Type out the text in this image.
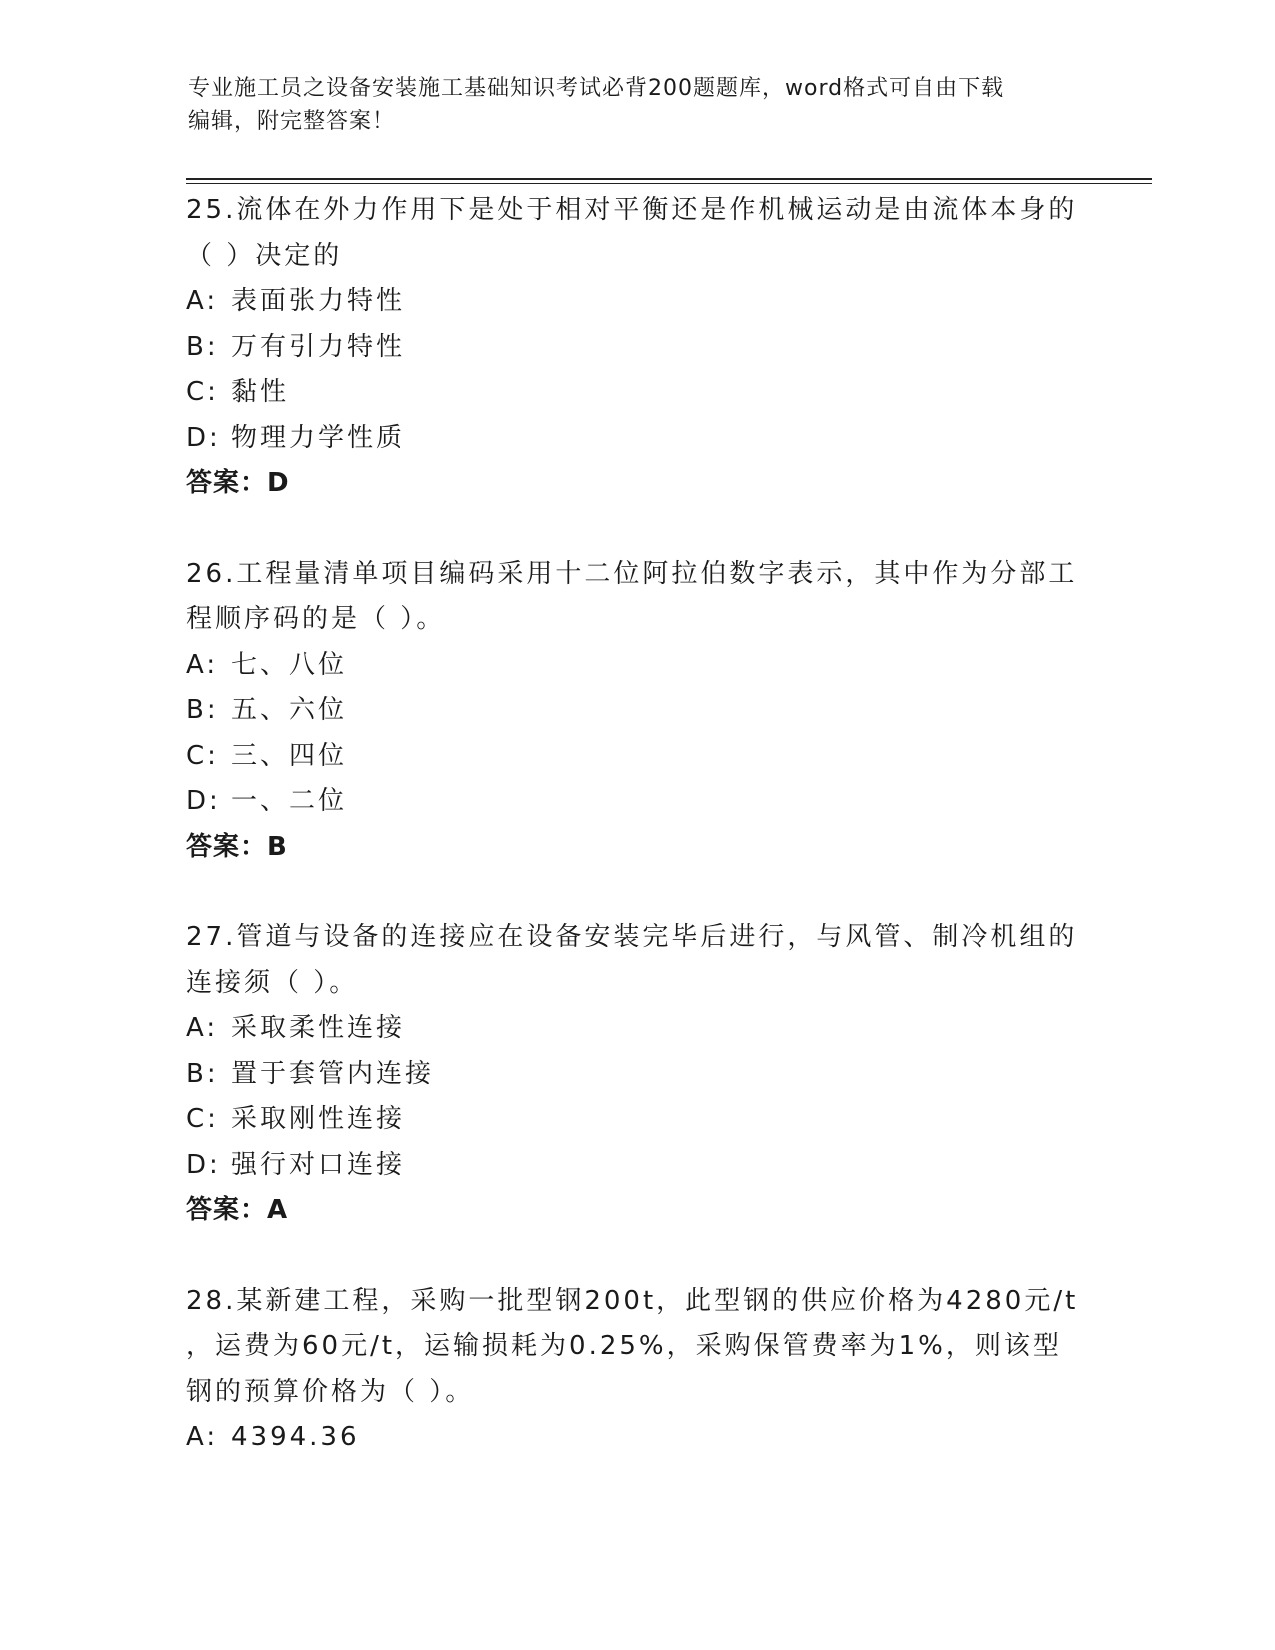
专业施工员之设备安装施工基础知识考试必背200题题库，word格式可自由下载
编辑，附完整答案！
25.流体在外力作用下是处于相对平衡还是作机械运动是由流体本身的
（ ）决定的
A: 表面张力特性
B: 万有引力特性
C: 黏性
D: 物理力学性质
答案：D
26.工程量清单项目编码采用十二位阿拉伯数字表示，其中作为分部工
程顺序码的是（ ）。
A: 七、八位
B: 五、六位
C: 三、四位
D: 一、二位
答案：B
27.管道与设备的连接应在设备安装完毕后进行，与风管、制冷机组的
连接须（ ）。
A: 采取柔性连接
B: 置于套管内连接
C: 采取刚性连接
D: 强行对口连接
答案：A
28.某新建工程，采购一批型钢200t，此型钢的供应价格为4280元/t
，运费为60元/t，运输损耗为0.25%，采购保管费率为1%，则该型
钢的预算价格为（ ）。
A: 4394.36
